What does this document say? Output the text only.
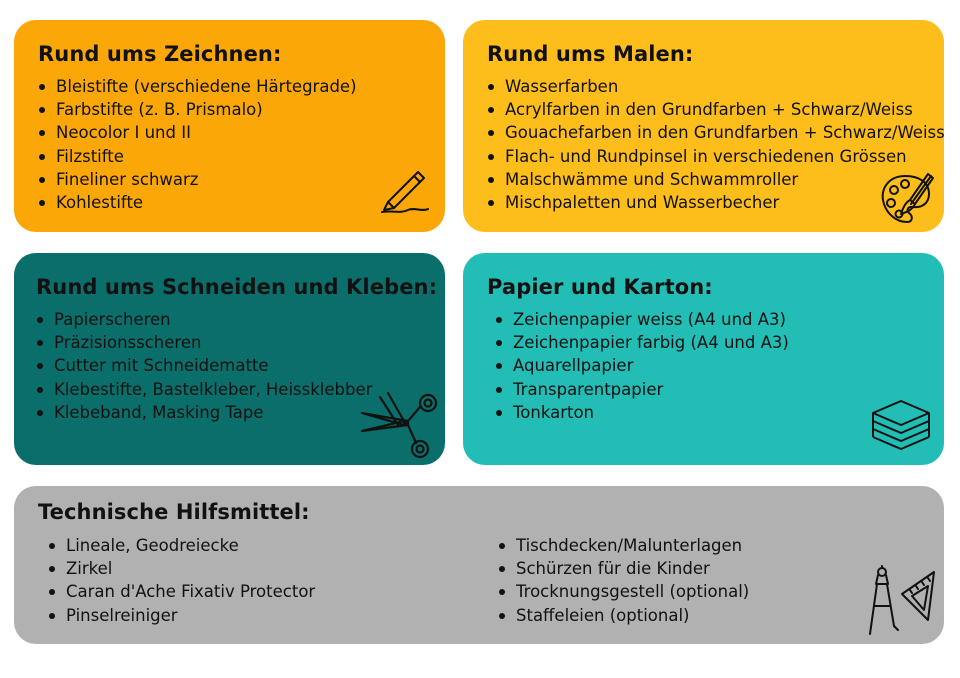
Rund ums Zeichnen:
Bleistifte (verschiedene Härtegrade)
Farbstifte (z. B. Prismalo)
Neocolor I und II
Filzstifte
Fineliner schwarz
Kohlestifte
Rund ums Malen:
Wasserfarben
Acrylfarben in den Grundfarben + Schwarz/Weiss
Gouachefarben in den Grundfarben + Schwarz/Weiss
Flach- und Rundpinsel in verschiedenen Grössen
Malschwämme und Schwammroller
Mischpaletten und Wasserbecher
Rund ums Schneiden und Kleben:
Papierscheren
Präzisionsscheren
Cutter mit Schneidematte
Klebestifte, Bastelkleber, Heissklebber
Klebeband, Masking Tape
Papier und Karton:
Zeichenpapier weiss (A4 und A3)
Zeichenpapier farbig (A4 und A3)
Aquarellpapier
Transparentpapier
Tonkarton
Technische Hilfsmittel:
Lineale, Geodreiecke
Zirkel
Caran d'Ache Fixativ Protector
Pinselreiniger
Tischdecken/Malunterlagen
Schürzen für die Kinder
Trocknungsgestell (optional)
Staffeleien (optional)
